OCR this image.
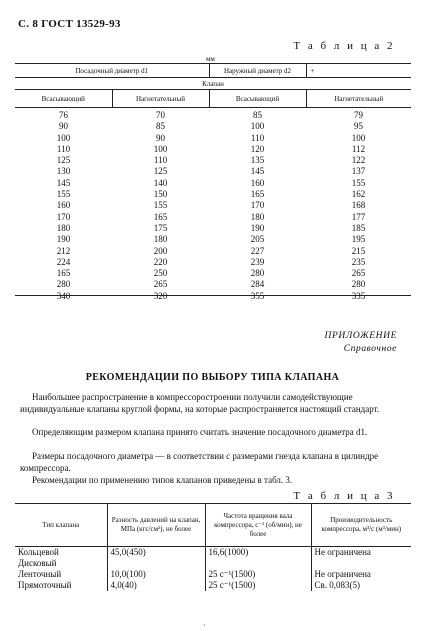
С. 8 ГОСТ 13529-93
Т а б л и ц а 2
мм
Посадочный диаметр d1		Наружный диаметр d2	+
Клапан			
Всасывающий	Нагнетательный	Всасывающий	Нагнетательный
76	70	85	79
90	85	100	95
100	90	110	100
110	100	120	112
125	110	135	122
130	125	145	137
145	140	160	155
155	150	165	162
160	155	170	168
170	165	180	177
180	175	190	185
190	180	205	195
212	200	227	215
224	220	239	235
165	250	280	265
280	265	284	280
340	320	355	335
ПРИЛОЖЕНИЕ
Справочное
РЕКОМЕНДАЦИИ ПО ВЫБОРУ ТИПА КЛАПАНА
Наибольшее распространение в компрессоростроении получили самодействующие индивидуальные клапаны круглой формы, на которые распространяется настоящий стандарт.
Определяющим размером клапана принято считать значение посадочного диаметра d1.
Размеры посадочного диаметра — в соответствии с размерами гнезда клапана в цилиндре компрессора.
Рекомендации по применению типов клапанов приведены в табл. 3.
Т а б л и ц а 3
Тип клапана	Разность давлений на клапан, МПа (кгс/см²), не более	Частота вращения вала компрессора, с⁻¹ (об/мин), не более	Производительность компрессора, м³/с (м³/мин)
Кольцевой	45,0(450)	16,6(1000)	Не ограничена
Дисковый			
Ленточный	10,0(100)	25 с⁻¹(1500)	Не ограничена
Прямоточный	4,0(40)	25 с⁻¹(1500)	Св. 0,083(5)
·
